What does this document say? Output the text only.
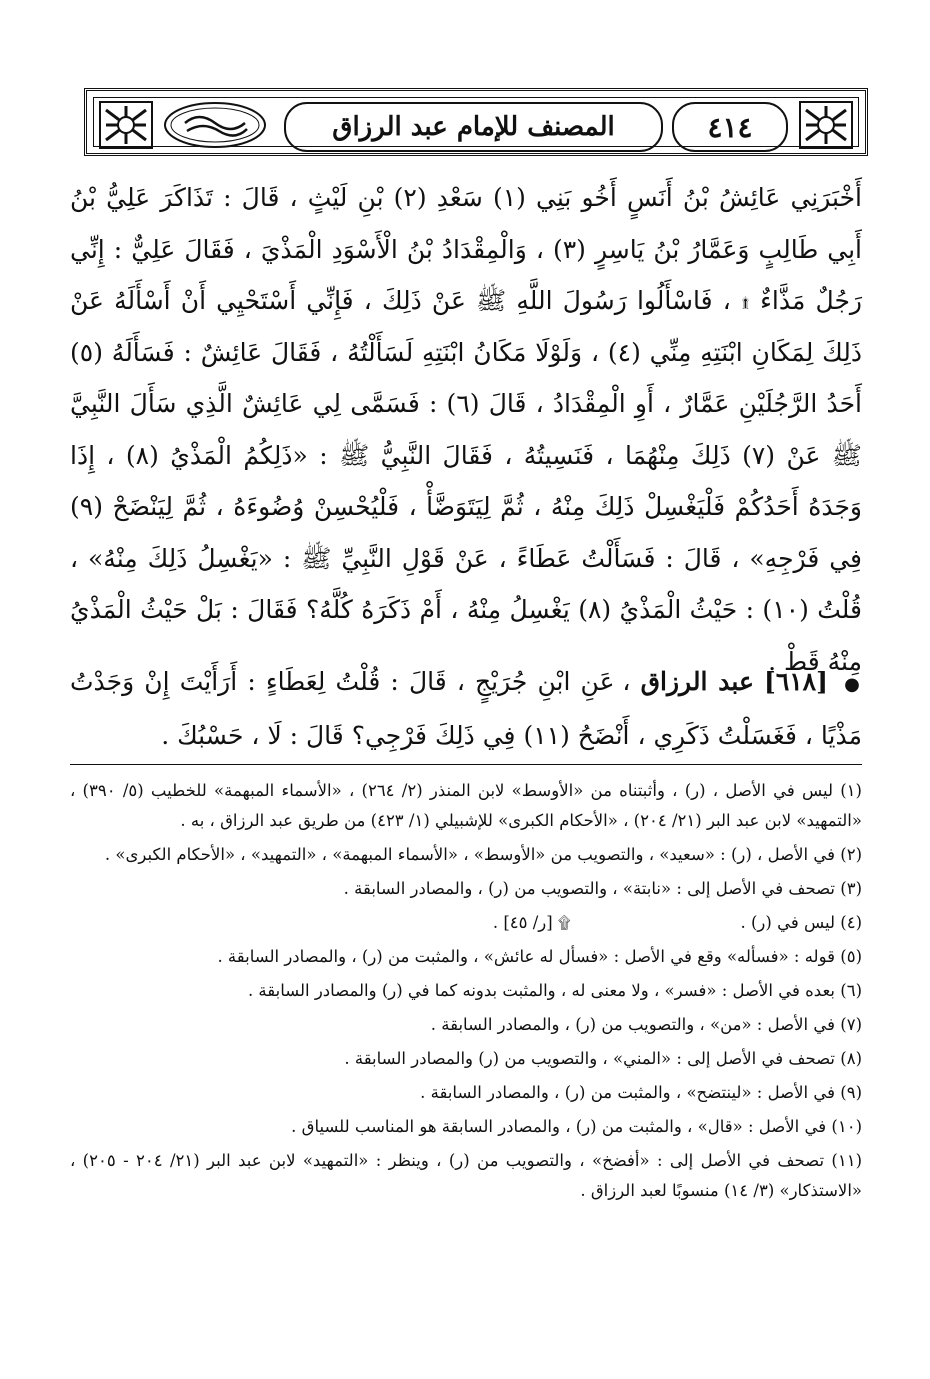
٤١٤
المصنف للإمام عبد الرزاق

أَخْبَرَنِي عَائِشُ بْنُ أَنَسٍ أَخُو بَنِي (١) سَعْدِ (٢) بْنِ لَيْثٍ ، قَالَ : تَذَاكَرَ عَلِيُّ بْنُ أَبِي طَالِبٍ وَعَمَّارُ بْنُ يَاسِرٍ (٣) ، وَالْمِقْدَادُ بْنُ الْأَسْوَدِ الْمَذْيَ ، فَقَالَ عَلِيٌّ : إِنِّي رَجُلٌ مَذَّاءٌ ۩ ، فَاسْأَلُوا رَسُولَ اللَّهِ ﷺ عَنْ ذَلِكَ ، فَإِنِّي أَسْتَحْيِي أَنْ أَسْأَلَهُ عَنْ ذَلِكَ لِمَكَانِ ابْنَتِهِ مِنِّي (٤) ، وَلَوْلَا مَكَانُ ابْنَتِهِ لَسَأَلْتُهُ ، فَقَالَ عَائِشٌ : فَسَأَلَهُ (٥) أَحَدُ الرَّجُلَيْنِ عَمَّارٌ ، أَوِ الْمِقْدَادُ ، قَالَ (٦) : فَسَمَّى لِي عَائِشٌ الَّذِي سَأَلَ النَّبِيَّ ﷺ عَنْ (٧) ذَلِكَ مِنْهُمَا ، فَنَسِيتُهُ ، فَقَالَ النَّبِيُّ ﷺ : «ذَلِكُمُ الْمَذْيُ (٨) ، إِذَا وَجَدَهُ أَحَدُكُمْ فَلْيَغْسِلْ ذَلِكَ مِنْهُ ، ثُمَّ لِيَتَوَضَّأْ ، فَلْيُحْسِنْ وُضُوءَهُ ، ثُمَّ لِيَنْضَحْ (٩) فِي فَرْجِهِ» ، قَالَ : فَسَأَلْتُ عَطَاءً ، عَنْ قَوْلِ النَّبِيِّ ﷺ : «يَغْسِلُ ذَلِكَ مِنْهُ» ، قُلْتُ (١٠) : حَيْثُ الْمَذْيُ (٨) يَغْسِلُ مِنْهُ ، أَمْ ذَكَرَهُ كُلَّهُ؟ فَقَالَ : بَلْ حَيْثُ الْمَذْيُ مِنْهُ قَطْ .

● [٦١٨] عبد الرزاق ، عَنِ ابْنِ جُرَيْجٍ ، قَالَ : قُلْتُ لِعَطَاءٍ : أَرَأَيْتَ إِنْ وَجَدْتُ مَذْيًا ، فَغَسَلْتُ ذَكَرِي ، أَنْضَحُ (١١) فِي ذَلِكَ فَرْجِي؟ قَالَ : لَا ، حَسْبُكَ .
(١) ليس في الأصل ، (ر) ، وأثبتناه من «الأوسط» لابن المنذر (٢/ ٢٦٤) ، «الأسماء المبهمة» للخطيب (٥/ ٣٩٠) ، «التمهيد» لابن عبد البر (٢١/ ٢٠٤) ، «الأحكام الكبرى» للإشبيلي (١/ ٤٢٣) من طريق عبد الرزاق ، به .
(٢) في الأصل ، (ر) : «سعيد» ، والتصويب من «الأوسط» ، «الأسماء المبهمة» ، «التمهيد» ، «الأحكام الكبرى» .
(٣) تصحف في الأصل إلى : «نابتة» ، والتصويب من (ر) ، والمصادر السابقة .
(٤) ليس في (ر) .
۩ [ر/ ٤٥] .
(٥) قوله : «فسأله» وقع في الأصل : «فسأل له عائش» ، والمثبت من (ر) ، والمصادر السابقة .
(٦) بعده في الأصل : «فسر» ، ولا معنى له ، والمثبت بدونه كما في (ر) والمصادر السابقة .
(٧) في الأصل : «من» ، والتصويب من (ر) ، والمصادر السابقة .
(٨) تصحف في الأصل إلى : «المني» ، والتصويب من (ر) والمصادر السابقة .
(٩) في الأصل : «لينتضح» ، والمثبت من (ر) ، والمصادر السابقة .
(١٠) في الأصل : «قال» ، والمثبت من (ر) ، والمصادر السابقة هو المناسب للسياق .
(١١) تصحف في الأصل إلى : «أفضخ» ، والتصويب من (ر) ، وينظر : «التمهيد» لابن عبد البر (٢١/ ٢٠٤ - ٢٠٥) ، «الاستذكار» (٣/ ١٤) منسوبًا لعبد الرزاق .
